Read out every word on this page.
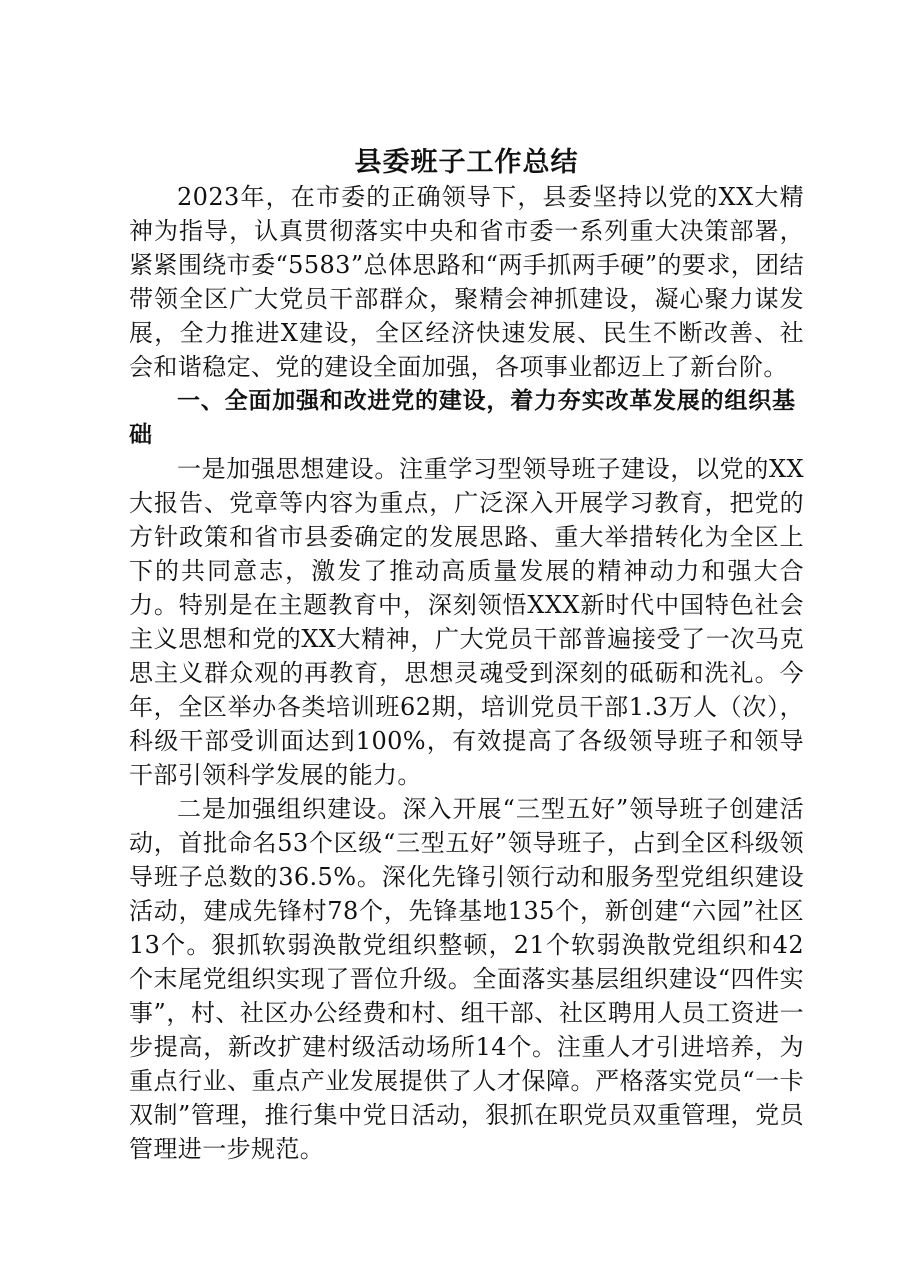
县委班子工作总结

2023年，在市委的正确领导下，县委坚持以党的XX大精神为指导，认真贯彻落实中央和省市委一系列重大决策部署，紧紧围绕市委“5583”总体思路和“两手抓两手硬”的要求，团结带领全区广大党员干部群众，聚精会神抓建设，凝心聚力谋发展，全力推进X建设，全区经济快速发展、民生不断改善、社会和谐稳定、党的建设全面加强，各项事业都迈上了新台阶。

一、全面加强和改进党的建设，着力夯实改革发展的组织基础

一是加强思想建设。注重学习型领导班子建设，以党的XX大报告、党章等内容为重点，广泛深入开展学习教育，把党的方针政策和省市县委确定的发展思路、重大举措转化为全区上下的共同意志，激发了推动高质量发展的精神动力和强大合力。特别是在主题教育中，深刻领悟XXX新时代中国特色社会主义思想和党的XX大精神，广大党员干部普遍接受了一次马克思主义群众观的再教育，思想灵魂受到深刻的砥砺和洗礼。今年，全区举办各类培训班62期，培训党员干部1.3万人（次），科级干部受训面达到100%，有效提高了各级领导班子和领导干部引领科学发展的能力。

二是加强组织建设。深入开展“三型五好”领导班子创建活动，首批命名53个区级“三型五好”领导班子，占到全区科级领导班子总数的36.5%。深化先锋引领行动和服务型党组织建设活动，建成先锋村78个，先锋基地135个，新创建“六园”社区13个。狠抓软弱涣散党组织整顿，21个软弱涣散党组织和42个末尾党组织实现了晋位升级。全面落实基层组织建设“四件实事”，村、社区办公经费和村、组干部、社区聘用人员工资进一步提高，新改扩建村级活动场所14个。注重人才引进培养，为重点行业、重点产业发展提供了人才保障。严格落实党员“一卡双制”管理，推行集中党日活动，狠抓在职党员双重管理，党员管理进一步规范。
